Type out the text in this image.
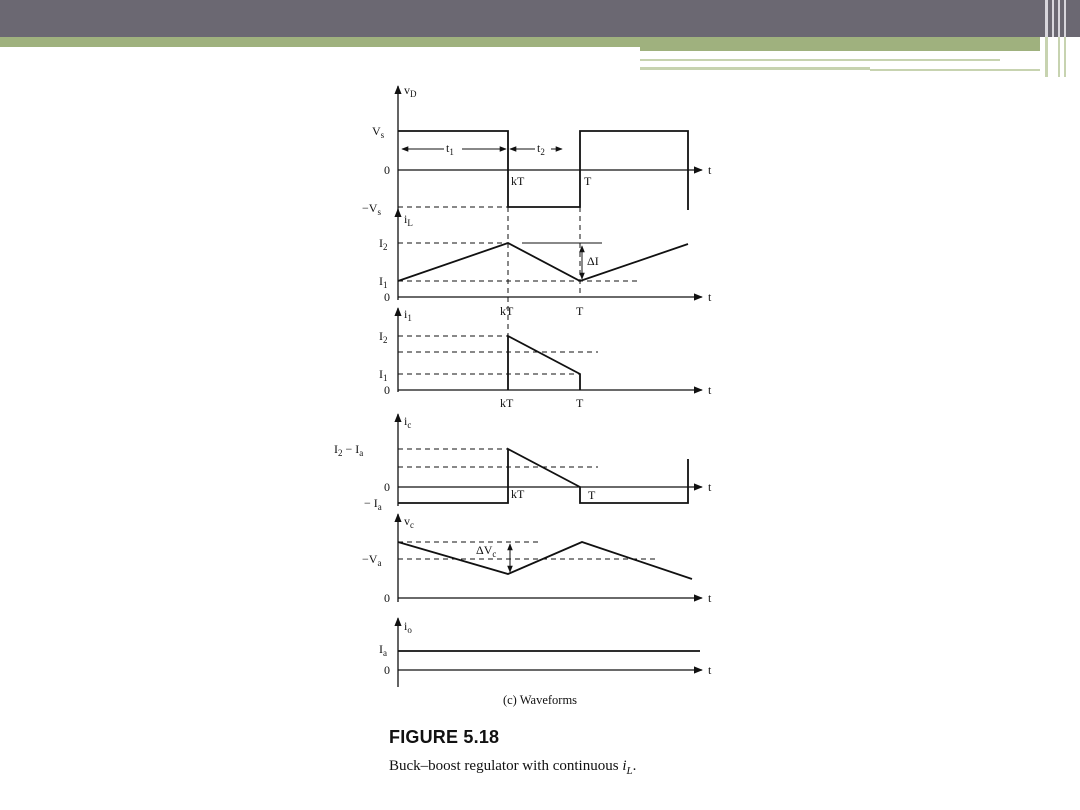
$v_D$
t
$V_s$
0
$-V_s$
$t_1$	$t_2$
kT	T
$i_L$
t
$I_2$
$I_1$
0
ΔI
kT	T
$i_1$
t
$I_2$
$I_1$
0
kT	T
$i_c$
t
$I_2 - I_a$
0
− $I_a$
kT	T
$v_c$
t
$-V_a$
0
$\Delta V_c$
$i_o$
t
$I_a$
0
(c) Waveforms
FIGURE 5.18
Buck–boost regulator with continuous $i_L$.
